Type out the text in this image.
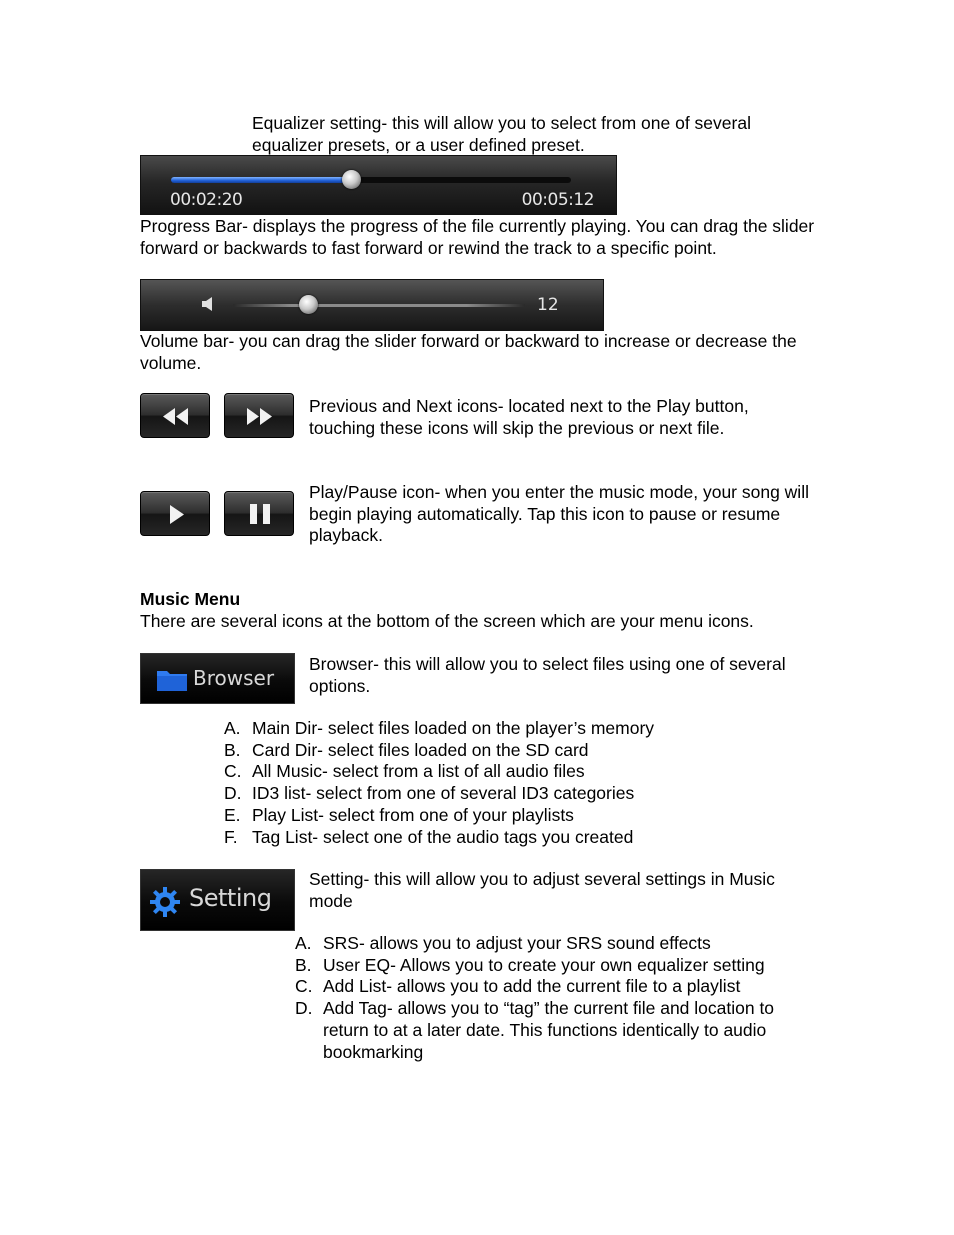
Equalizer setting- this will allow you to select from one of several equalizer presets, or a user defined preset.

00:02:20	00:05:12

Progress Bar- displays the progress of the file currently playing. You can drag the slider forward or backwards to fast forward or rewind the track to a specific point.

12

Volume bar- you can drag the slider forward or backward to increase or decrease the volume.

Previous and Next icons- located next to the Play button, touching these icons will skip the previous or next file.

Play/Pause icon- when you enter the music mode, your song will begin playing automatically. Tap this icon to pause or resume playback.

Music Menu

There are several icons at the bottom of the screen which are your menu icons.

Browser

Browser- this will allow you to select files using one of several options.

A. Main Dir- select files loaded on the player’s memory
B. Card Dir- select files loaded on the SD card
C. All Music- select from a list of all audio files
D. ID3 list- select from one of several ID3 categories
E. Play List- select from one of your playlists
F. Tag List- select one of the audio tags you created
Setting

Setting- this will allow you to adjust several settings in Music mode

A. SRS- allows you to adjust your SRS sound effects
B. User EQ- Allows you to create your own equalizer setting
C. Add List- allows you to add the current file to a playlist
D. Add Tag- allows you to “tag” the current file and location to return to at a later date. This functions identically to audio bookmarking
